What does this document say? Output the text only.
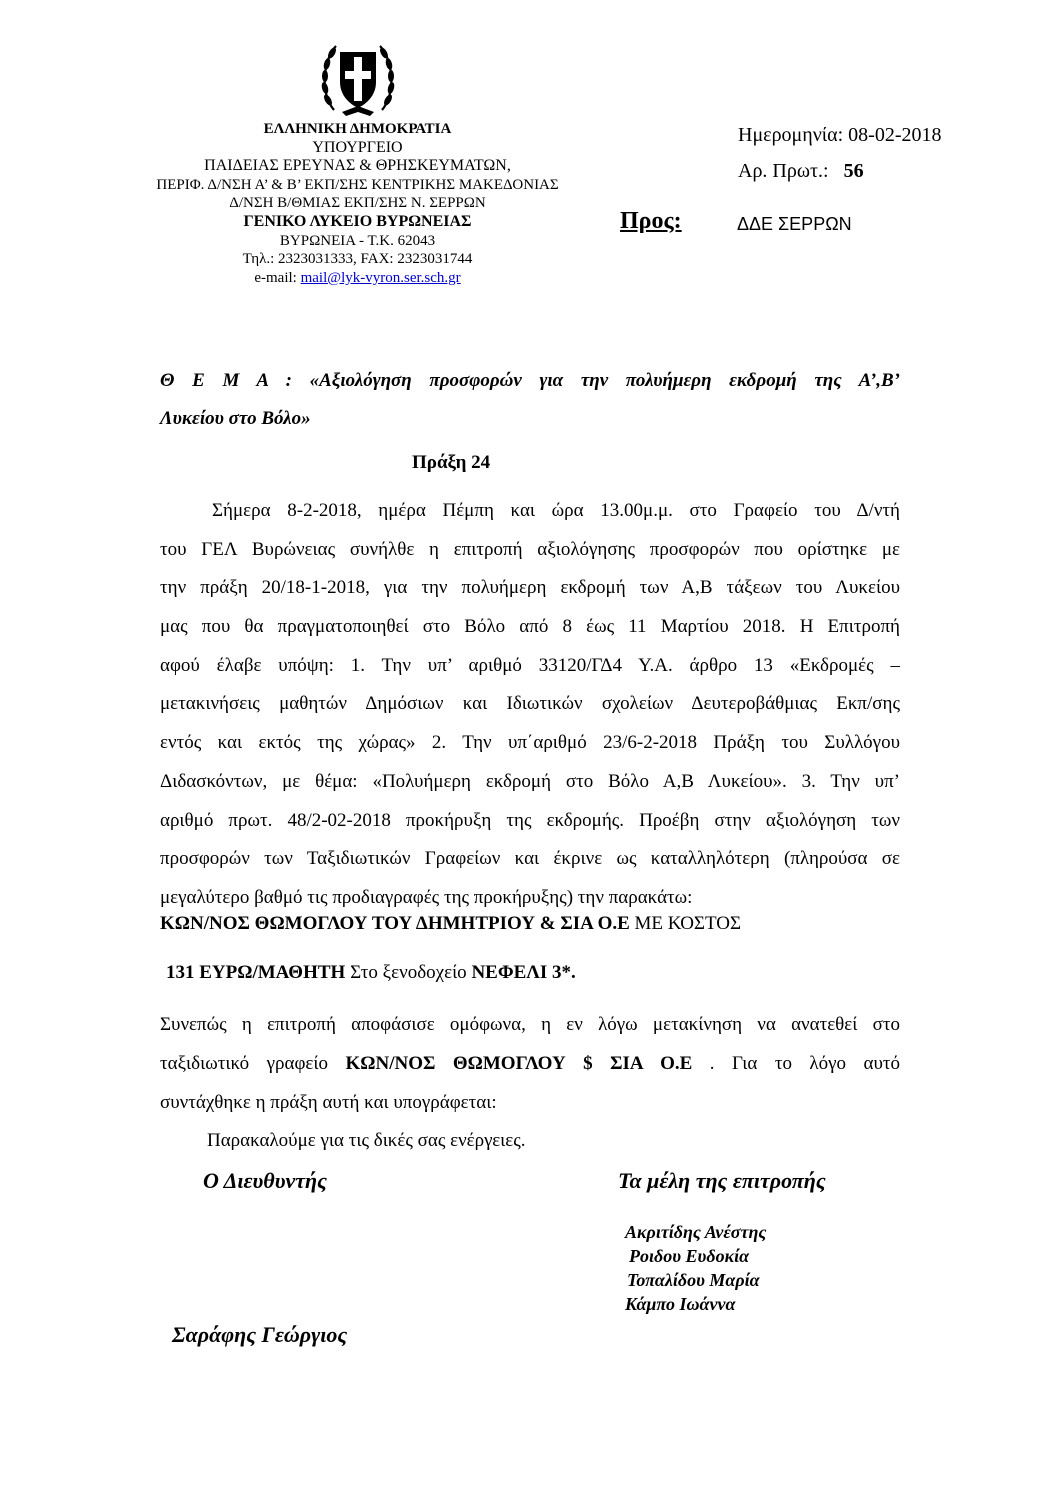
ΕΛΛΗΝΙΚΗ ΔΗΜΟΚΡΑΤΙΑ
ΥΠΟΥΡΓΕΙΟ
ΠΑΙΔΕΙΑΣ ΕΡΕΥΝΑΣ & ΘΡΗΣΚΕΥΜΑΤΩΝ,
ΠΕΡΙΦ. Δ/ΝΣΗ Α’ & Β’ ΕΚΠ/ΣΗΣ ΚΕΝΤΡΙΚΗΣ ΜΑΚΕΔΟΝΙΑΣ
Δ/ΝΣΗ Β/ΘΜΙΑΣ ΕΚΠ/ΣΗΣ Ν. ΣΕΡΡΩΝ
ΓΕΝΙΚΟ ΛΥΚΕΙΟ ΒΥΡΩΝΕΙΑΣ
ΒΥΡΩΝΕΙΑ - Τ.Κ. 62043
Τηλ.: 2323031333, FAX: 2323031744
e-mail: mail@lyk-vyron.ser.sch.gr
Ημερομηνία: 08-02-2018
Αρ. Πρωτ.: 56
Προς:	ΔΔΕ ΣΕΡΡΩΝ
Θ Ε Μ Α : «Αξιολόγηση προσφορών για την πολυήμερη εκδρομή της Α’,Β’
Λυκείου στο Βόλο»
Πράξη 24
Σήμερα 8-2-2018, ημέρα Πέμπη και ώρα 13.00μ.μ. στο Γραφείο του Δ/ντή
του ΓΕΛ Βυρώνειας συνήλθε η επιτροπή αξιολόγησης προσφορών που ορίστηκε με
την πράξη 20/18-1-2018, για την πολυήμερη εκδρομή των Α,Β τάξεων του Λυκείου
μας που θα πραγματοποιηθεί στο Βόλο από 8 έως 11 Μαρτίου 2018. Η Επιτροπή
αφού έλαβε υπόψη: 1. Την υπ’ αριθμό 33120/ΓΔ4 Υ.Α. άρθρο 13 «Εκδρομές –
μετακινήσεις μαθητών Δημόσιων και Ιδιωτικών σχολείων Δευτεροβάθμιας Εκπ/σης
εντός και εκτός της χώρας» 2. Την υπ΄αριθμό 23/6-2-2018 Πράξη του Συλλόγου
Διδασκόντων, με θέμα: «Πολυήμερη εκδρομή στο Βόλο Α,Β Λυκείου». 3. Την υπ’
αριθμό πρωτ. 48/2-02-2018 προκήρυξη της εκδρομής. Προέβη στην αξιολόγηση των
προσφορών των Ταξιδιωτικών Γραφείων και έκρινε ως καταλληλότερη (πληρούσα σε
μεγαλύτερο βαθμό τις προδιαγραφές της προκήρυξης) την παρακάτω:
ΚΩΝ/ΝΟΣ ΘΩΜΟΓΛΟΥ ΤΟΥ ΔΗΜΗΤΡΙΟΥ & ΣΙΑ Ο.Ε ΜΕ ΚΟΣΤΟΣ
131 ΕΥΡΩ/ΜΑΘΗΤΗ Στο ξενοδοχείο ΝΕΦΕΛΙ 3*.
Συνεπώς η επιτροπή αποφάσισε ομόφωνα, η εν λόγω μετακίνηση να ανατεθεί στο
ταξιδιωτικό γραφείο ΚΩΝ/ΝΟΣ ΘΩΜΟΓΛΟΥ $ ΣΙΑ Ο.Ε . Για το λόγο αυτό
συντάχθηκε η πράξη αυτή και υπογράφεται:
Παρακαλούμε για τις δικές σας ενέργειες.
Ο Διευθυντής	Τα μέλη της επιτροπής
Ακριτίδης Ανέστης
Ροιδου Ευδοκία
Τοπαλίδου Μαρία
Κάμπο Ιωάννα
Σαράφης Γεώργιος
